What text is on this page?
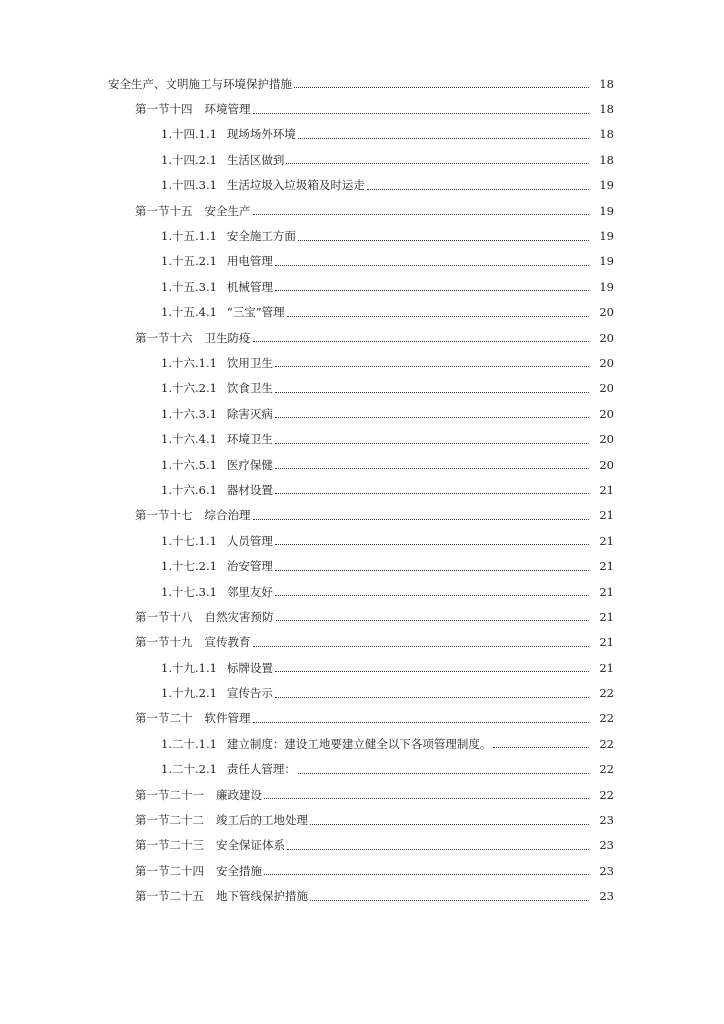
安全生产、文明施工与环境保护措施	18
第一节十四 环境管理	18
1.十四.1.1 现场场外环境	18
1.十四.2.1 生活区做到	18
1.十四.3.1 生活垃圾入垃圾箱及时运走	19
第一节十五 安全生产	19
1.十五.1.1 安全施工方面	19
1.十五.2.1 用电管理	19
1.十五.3.1 机械管理	19
1.十五.4.1 “三宝”管理	20
第一节十六 卫生防疫	20
1.十六.1.1 饮用卫生	20
1.十六.2.1 饮食卫生	20
1.十六.3.1 除害灭病	20
1.十六.4.1 环境卫生	20
1.十六.5.1 医疗保健	20
1.十六.6.1 器材设置	21
第一节十七 综合治理	21
1.十七.1.1 人员管理	21
1.十七.2.1 治安管理	21
1.十七.3.1 邻里友好	21
第一节十八 自然灾害预防	21
第一节十九 宣传教育	21
1.十九.1.1 标牌设置	21
1.十九.2.1 宣传告示	22
第一节二十 软件管理	22
1.二十.1.1 建立制度：建设工地要建立健全以下各项管理制度。	22
1.二十.2.1 责任人管理：	22
第一节二十一 廉政建设	22
第一节二十二 竣工后的工地处理	23
第一节二十三 安全保证体系	23
第一节二十四 安全措施	23
第一节二十五 地下管线保护措施	23
